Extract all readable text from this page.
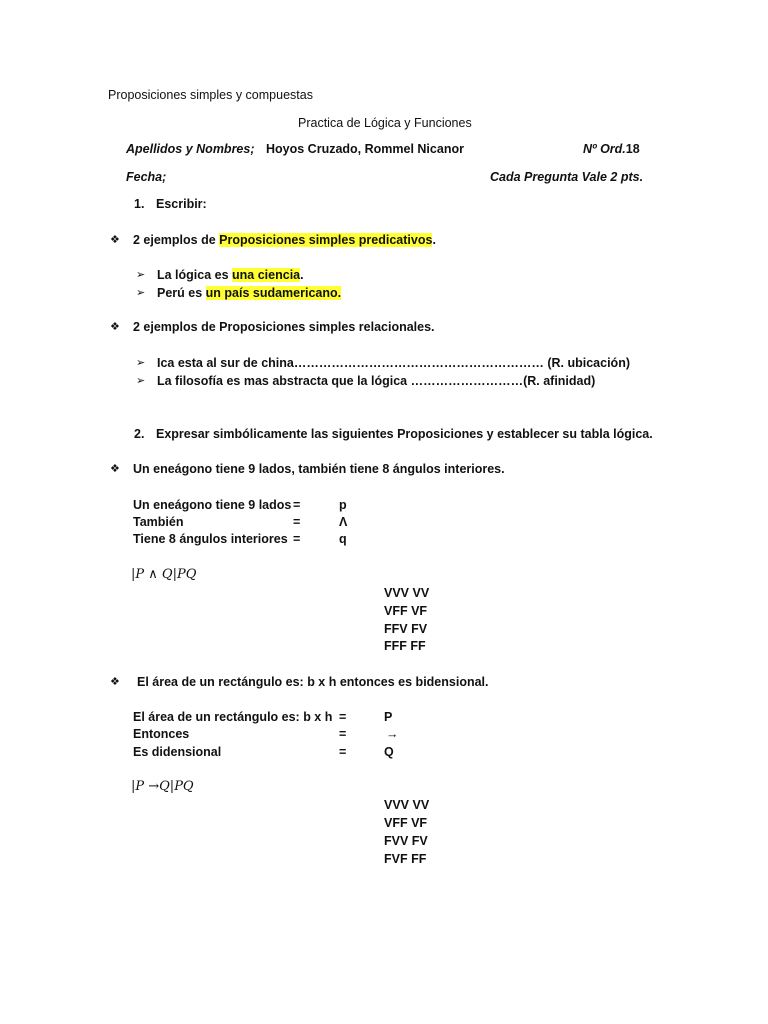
Proposiciones simples y compuestas
Practica de Lógica y Funciones
Apellidos y Nombres; Hoyos Cruzado, Rommel Nicanor	Nº Ord.18
Fecha;	Cada Pregunta Vale 2 pts.
1. Escribir:
❖ 2 ejemplos de Proposiciones simples predicativos.
➢ La lógica es una ciencia.
➢ Perú es un país sudamericano.
❖ 2 ejemplos de Proposiciones simples relacionales.
➢ Ica esta al sur de china…………………………………………………… (R. ubicación)
➢ La filosofía es mas abstracta que la lógica ………………………(R. afinidad)
2. Expresar simbólicamente las siguientes Proposiciones y establecer su tabla lógica.
❖ Un eneágono tiene 9 lados, también tiene 8 ángulos interiores.
Un eneágono tiene 9 lados =	p
También	=	Λ
Tiene 8 ángulos interiores =	q
|P ∧ Q|PQ
VVV VV
VFF VF
FFV FV
FFF FF
❖ El área de un rectángulo es: b x h entonces es bidensional.
El área de un rectángulo es: b x h =	P
Entonces	=	→
Es didensional	=	Q
|P →Q|PQ
VVV VV
VFF VF
FVV FV
FVF FF
